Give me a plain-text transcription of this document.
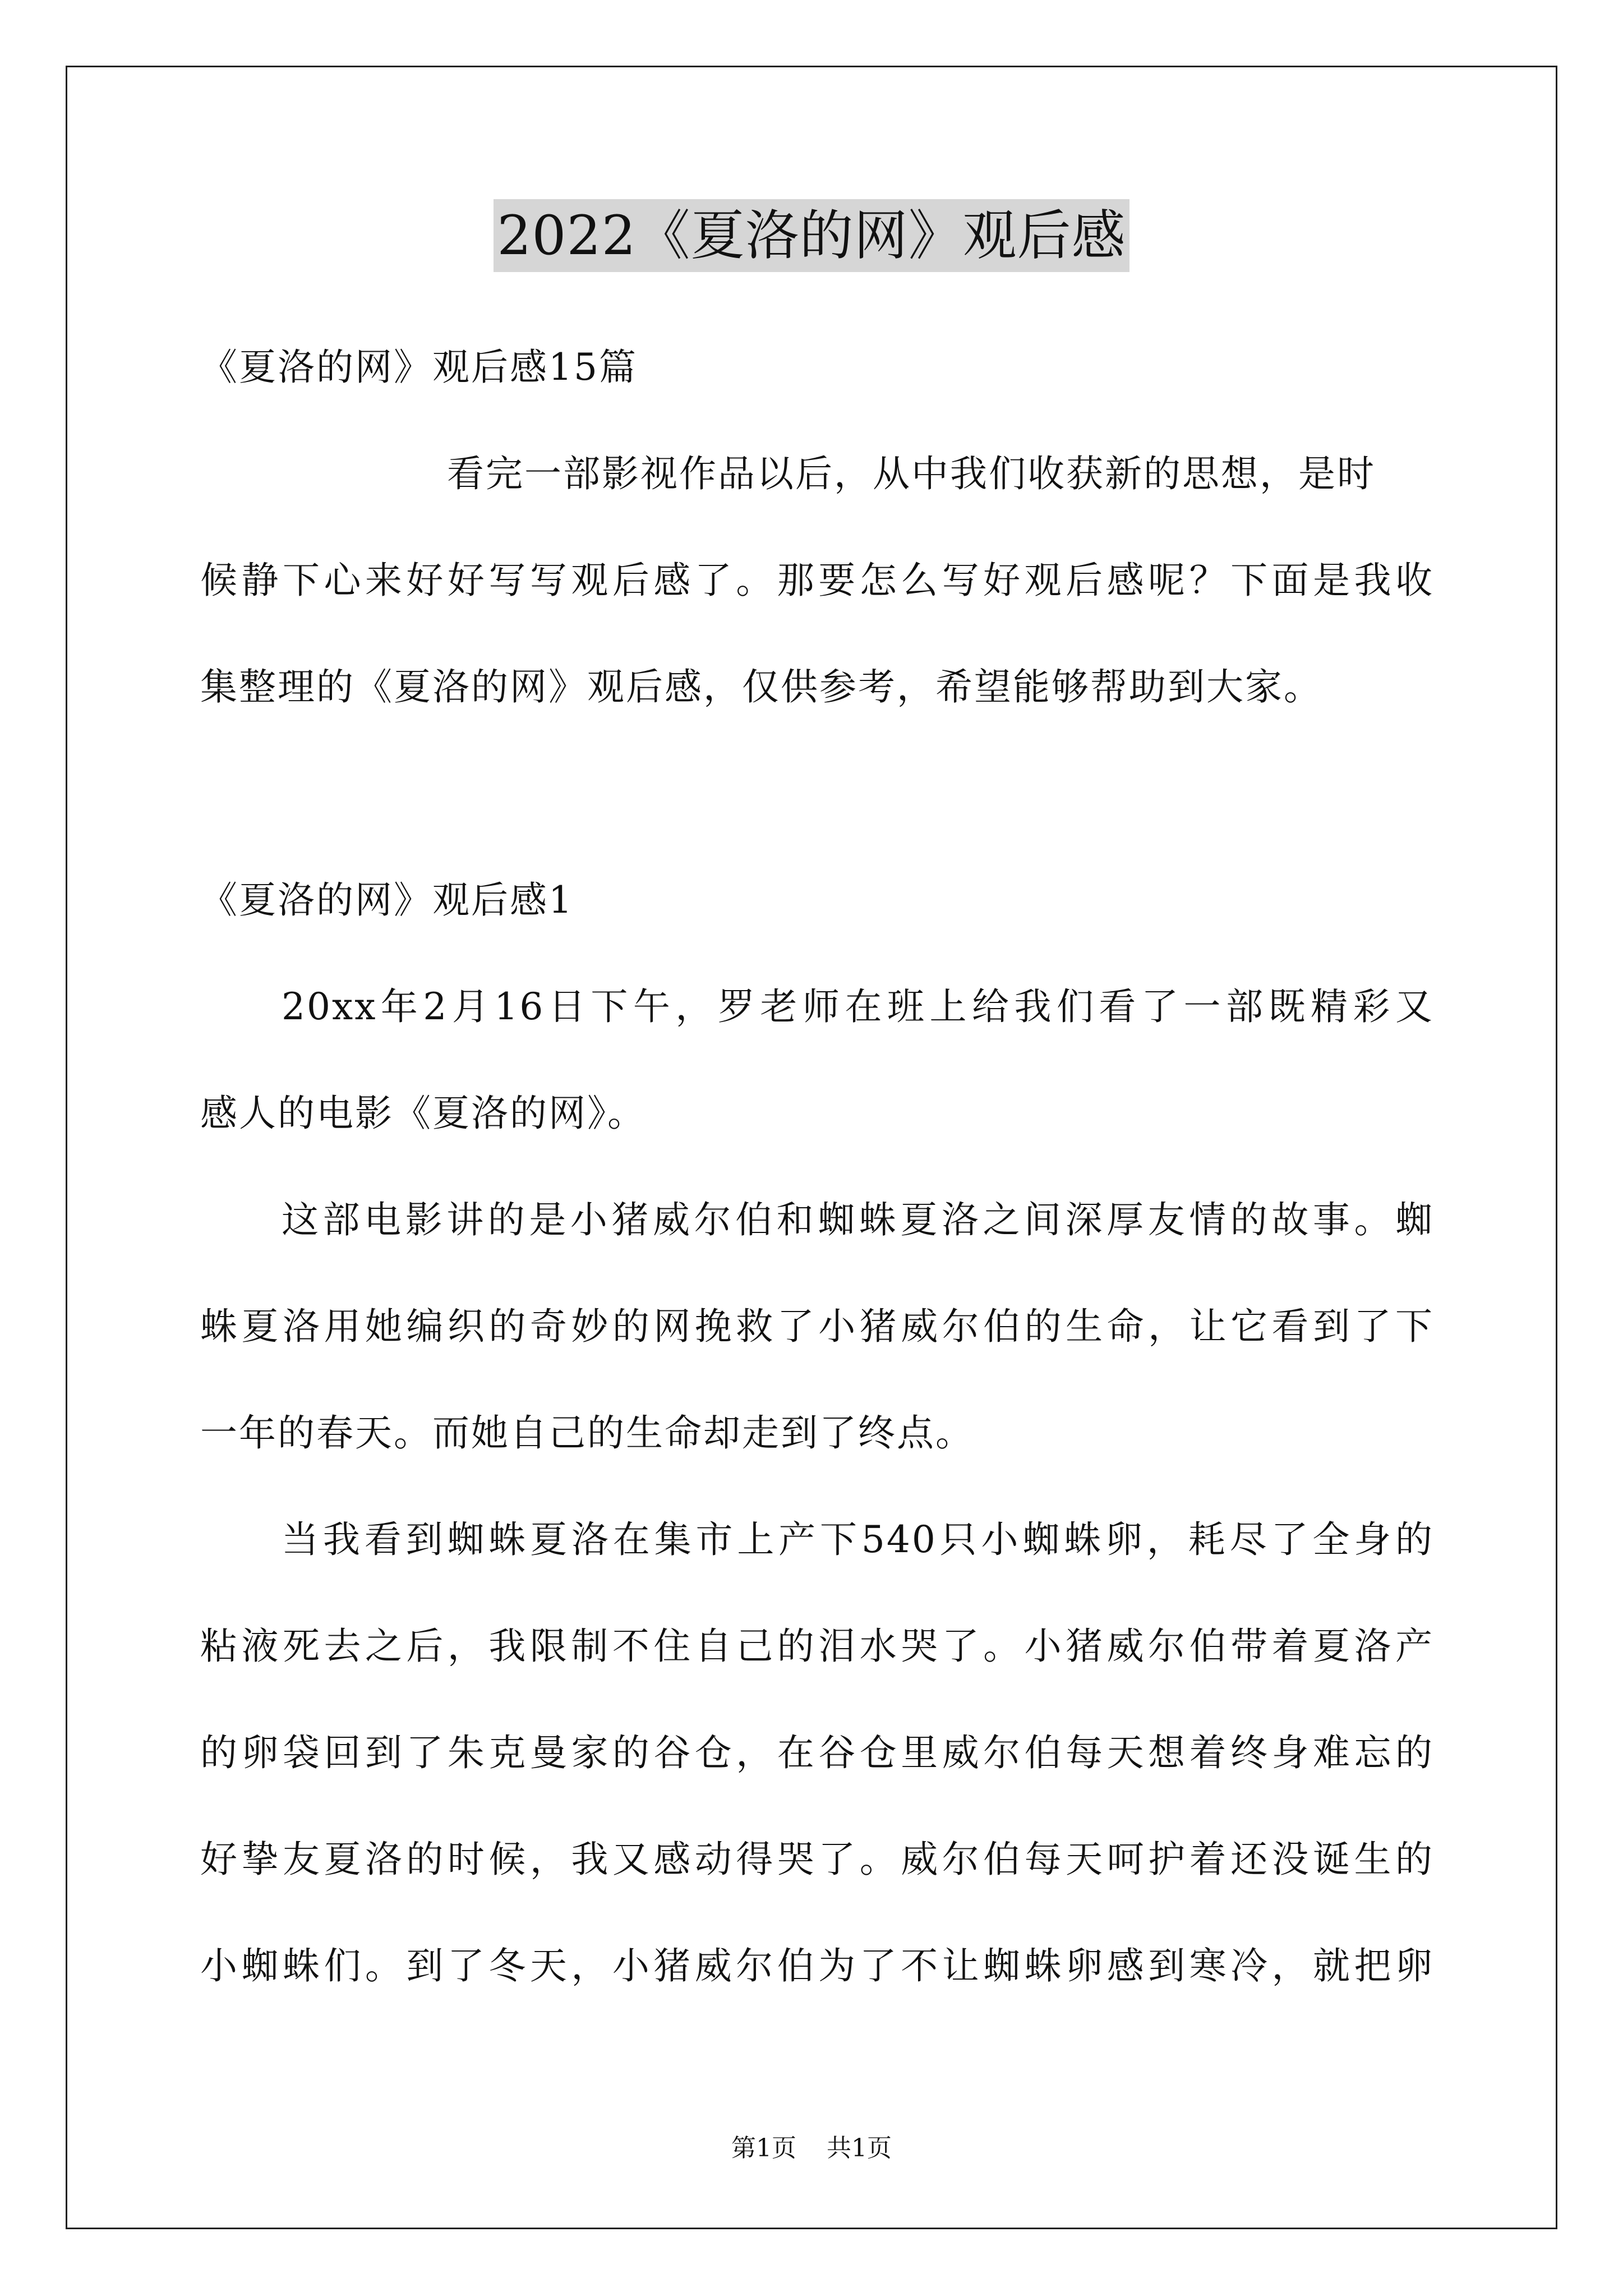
2022《夏洛的网》观后感
《夏洛的网》观后感15篇
看完一部影视作品以后，从中我们收获新的思想，是时
候静下心来好好写写观后感了。那要怎么写好观后感呢？下面是我收
集整理的《夏洛的网》观后感，仅供参考，希望能够帮助到大家。
《夏洛的网》观后感1
20xx年2月16日下午，罗老师在班上给我们看了一部既精彩又
感人的电影《夏洛的网》。
这部电影讲的是小猪威尔伯和蜘蛛夏洛之间深厚友情的故事。蜘
蛛夏洛用她编织的奇妙的网挽救了小猪威尔伯的生命，让它看到了下
一年的春天。而她自己的生命却走到了终点。
当我看到蜘蛛夏洛在集市上产下540只小蜘蛛卵，耗尽了全身的
粘液死去之后，我限制不住自己的泪水哭了。小猪威尔伯带着夏洛产
的卵袋回到了朱克曼家的谷仓，在谷仓里威尔伯每天想着终身难忘的
好挚友夏洛的时候，我又感动得哭了。威尔伯每天呵护着还没诞生的
小蜘蛛们。到了冬天，小猪威尔伯为了不让蜘蛛卵感到寒冷，就把卵
第1页 共1页
